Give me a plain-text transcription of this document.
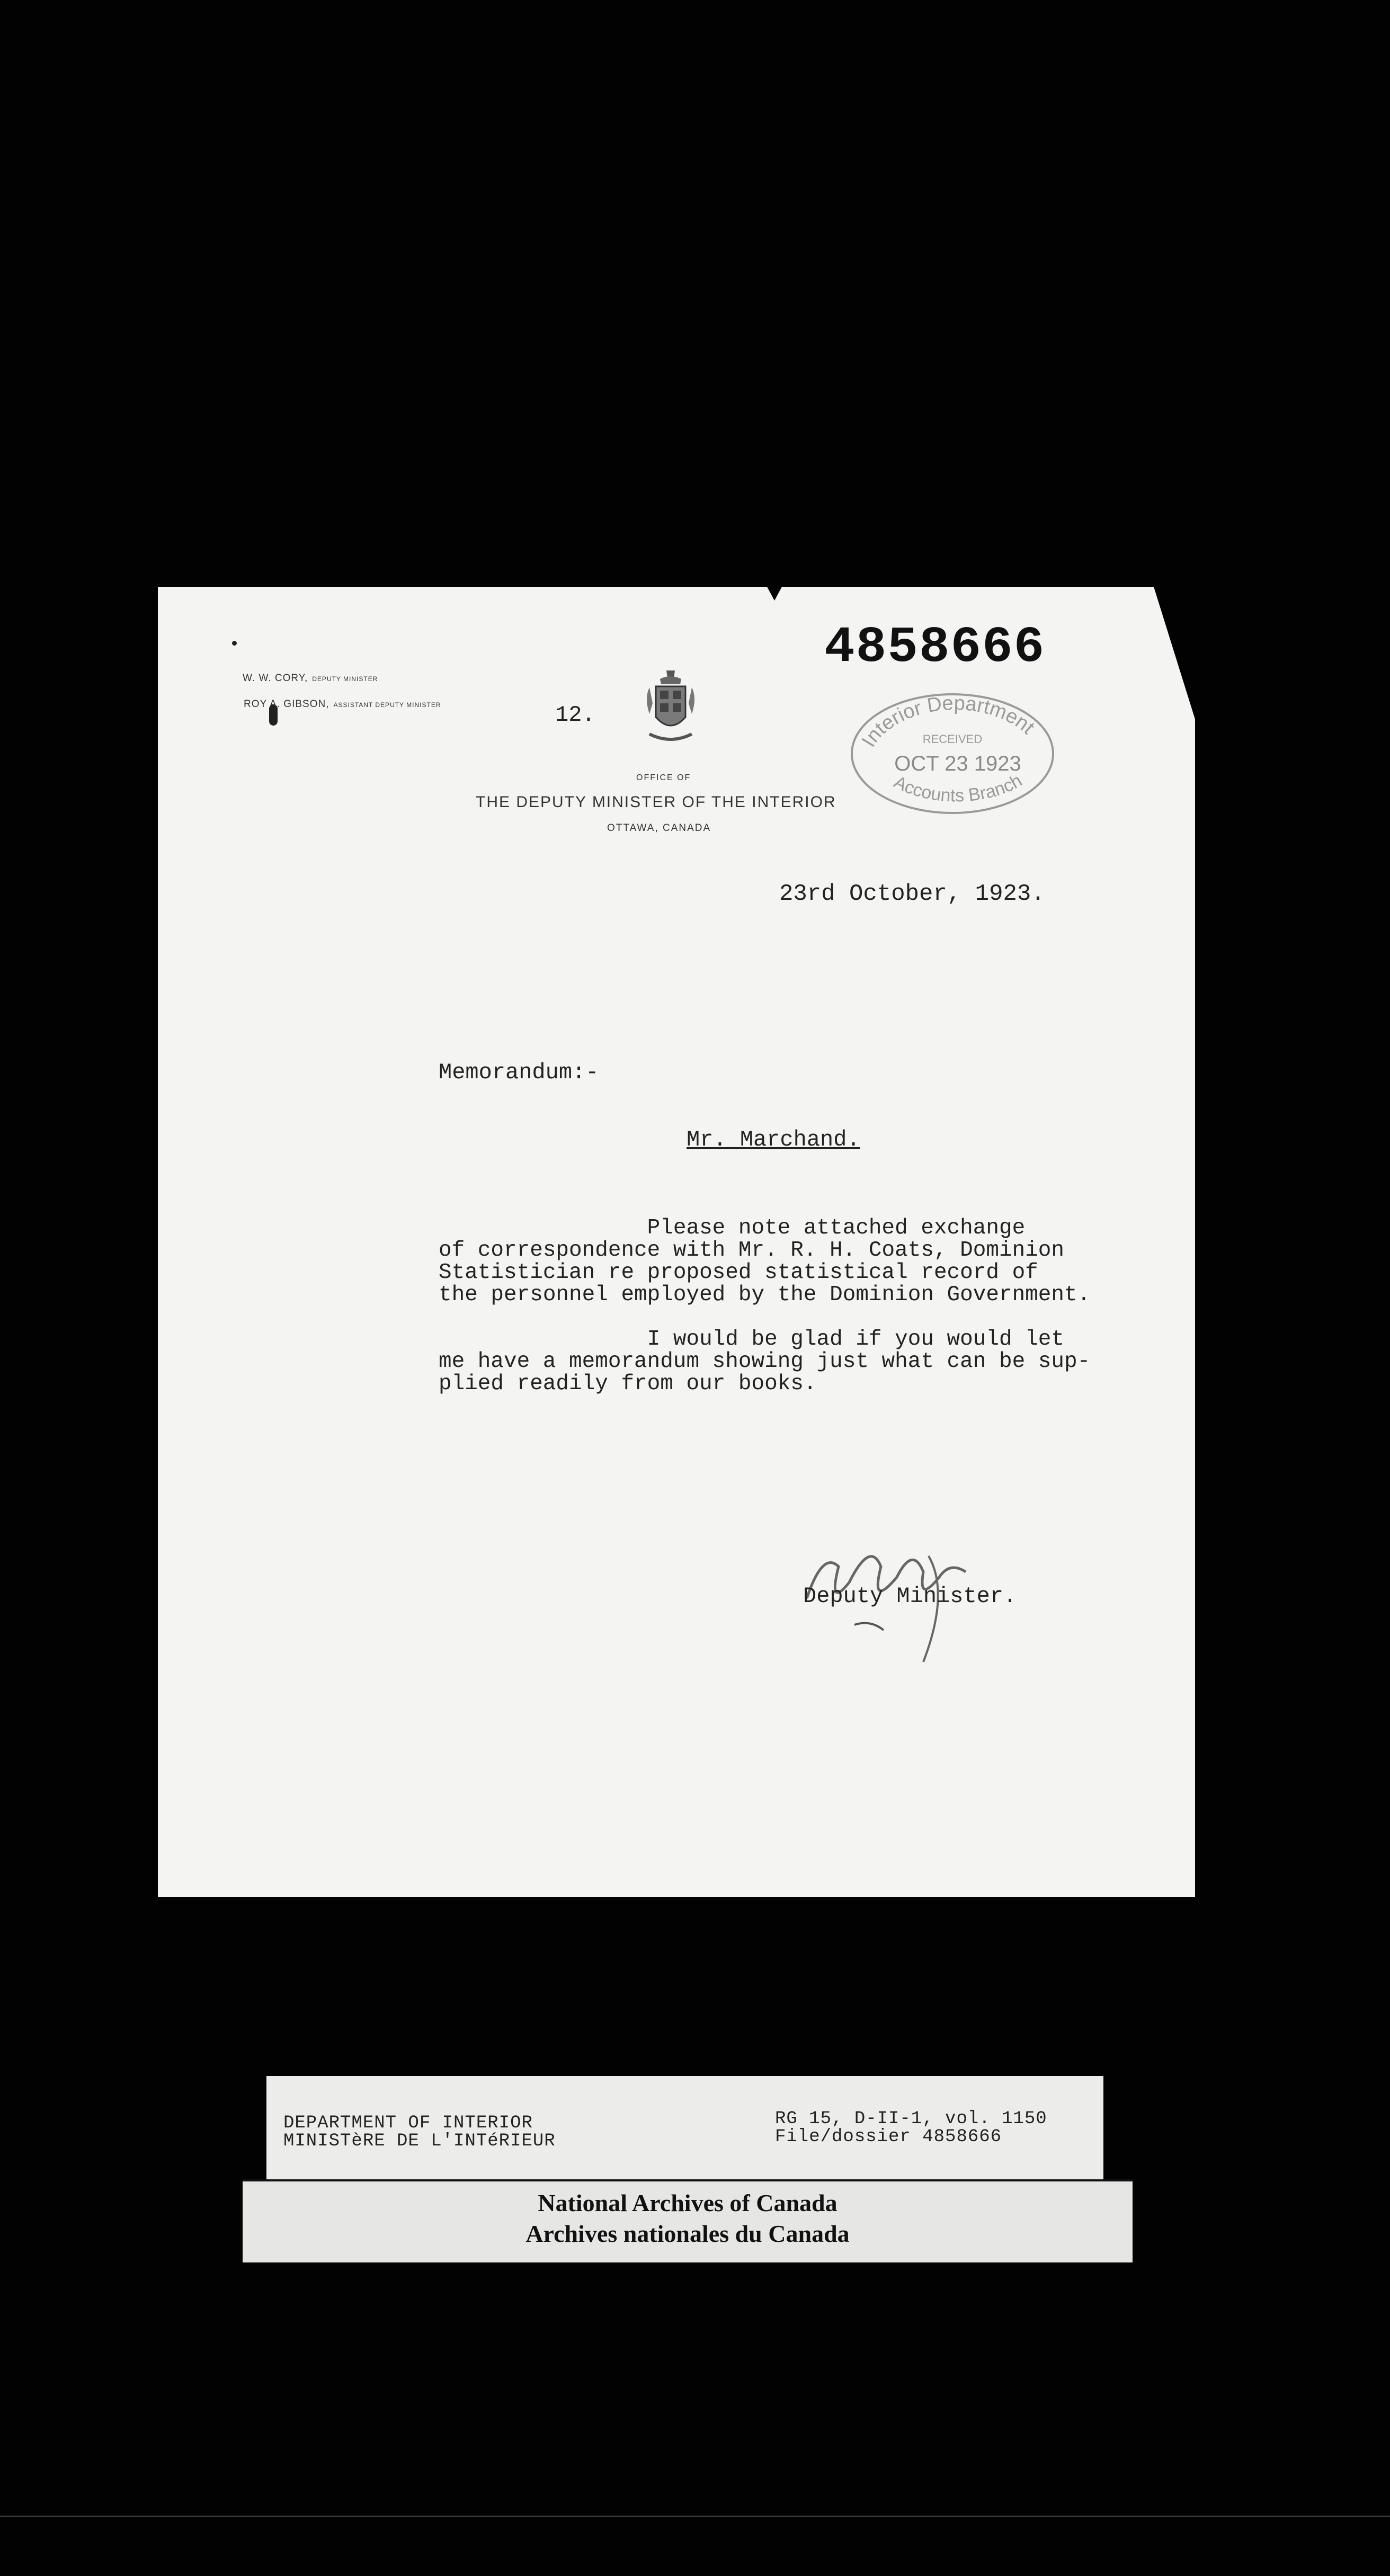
W. W. CORY, DEPUTY MINISTER
ROY A. GIBSON, ASSISTANT DEPUTY MINISTER
4858666
12.
OFFICE OF
THE DEPUTY MINISTER OF THE INTERIOR
OTTAWA, CANADA
Interior Department
RECEIVED
OCT 23 1923
Accounts Branch
23rd October, 1923.
Memorandum:-
Mr. Marchand.
Please note attached exchange
of correspondence with Mr. R. H. Coats, Dominion
Statistician re proposed statistical record of
the personnel employed by the Dominion Government.
I would be glad if you would let
me have a memorandum showing just what can be sup-
plied readily from our books.
Deputy Minister.
DEPARTMENT OF INTERIOR
MINISTèRE DE L'INTéRIEUR
RG 15, D-II-1, vol. 1150
File/dossier 4858666
National Archives of Canada
Archives nationales du Canada
